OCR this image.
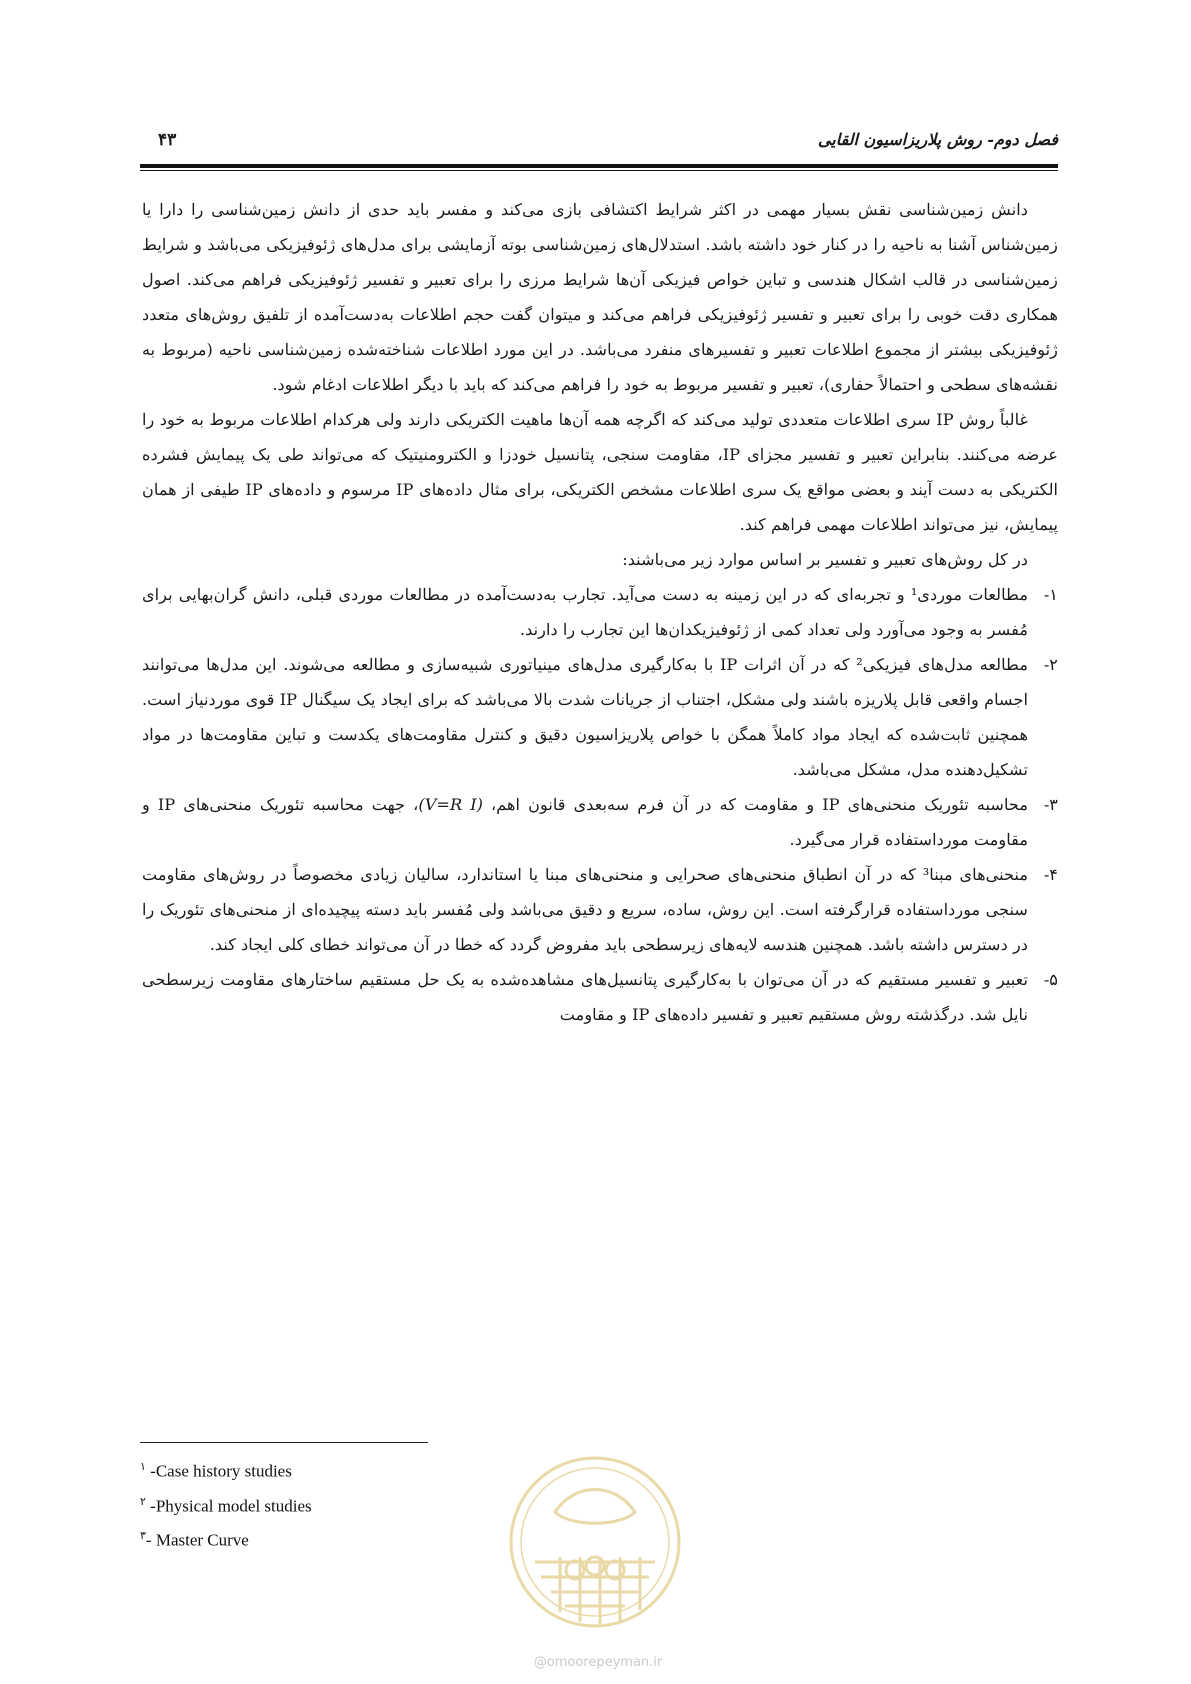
۴۳	فصل دوم- روش پلاریزاسیون القایی

دانش زمین‌شناسی نقش بسیار مهمی در اکثر شرایط اکتشافی بازی می‌کند و مفسر باید حدی از دانش زمین‌شناسی را دارا یا زمین‌شناس آشنا به ناحیه را در کنار خود داشته باشد. استدلال‌های زمین‌شناسی بوته آزمایشی برای مدل‌های ژئوفیزیکی می‌باشد و شرایط زمین‌شناسی در قالب اشکال هندسی و تباین خواص فیزیکی آن‌ها شرایط مرزی را برای تعبیر و تفسیر ژئوفیزیکی فراهم می‌کند. اصول همکاری دقت خوبی را برای تعبیر و تفسیر ژئوفیزیکی فراهم می‌کند و میتوان گفت حجم اطلاعات به‌دست‌آمده از تلفیق روش‌های متعدد ژئوفیزیکی بیشتر از مجموع اطلاعات تعبیر و تفسیرهای منفرد می‌باشد. در این مورد اطلاعات شناخته‌شده زمین‌شناسی ناحیه (مربوط به نقشه‌های سطحی و احتمالاً حفاری)، تعبیر و تفسیر مربوط به خود را فراهم می‌کند که باید با دیگر اطلاعات ادغام شود.

غالباً روش IP سری اطلاعات متعددی تولید می‌کند که اگرچه همه آن‌ها ماهیت الکتریکی دارند ولی هرکدام اطلاعات مربوط به خود را عرضه می‌کنند. بنابراین تعبیر و تفسیر مجزای IP، مقاومت سنجی، پتانسیل خودزا و الکترومنیتیک که می‌تواند طی یک پیمایش فشرده الکتریکی به دست آیند و بعضی مواقع یک سری اطلاعات مشخص الکتریکی، برای مثال داده‌های IP مرسوم و داده‌های IP طیفی از همان پیمایش، نیز می‌تواند اطلاعات مهمی فراهم کند.

در کل روش‌های تعبیر و تفسیر بر اساس موارد زیر می‌باشند:

۱-
مطالعات موردی¹ و تجربه‌ای که در این زمینه به دست می‌آید. تجارب به‌دست‌آمده در مطالعات موردی قبلی، دانش گران‌بهایی برای مُفسر به وجود می‌آورد ولی تعداد کمی از ژئوفیزیکدان‌ها این تجارب را دارند.
۲-
مطالعه مدل‌های فیزیکی² که در آن اثرات IP با به‌کارگیری مدل‌های مینیاتوری شبیه‌سازی و مطالعه می‌شوند. این مدل‌ها می‌توانند اجسام واقعی قابل پلاریزه باشند ولی مشکل، اجتناب از جریانات شدت بالا می‌باشد که برای ایجاد یک سیگنال IP قوی موردنیاز است. همچنین ثابت‌شده که ایجاد مواد کاملاً همگن با خواص پلاریزاسیون دقیق و کنترل مقاومت‌های یکدست و تباین مقاومت‌ها در مواد تشکیل‌دهنده مدل، مشکل می‌باشد.
۳-
محاسبه تئوریک منحنی‌های IP و مقاومت که در آن فرم سه‌بعدی قانون اهم، (V=R I)، جهت محاسبه تئوریک منحنی‌های IP و مقاومت مورداستفاده قرار می‌گیرد.
۴-
منحنی‌های مبنا³ که در آن انطباق منحنی‌های صحرایی و منحنی‌های مبنا یا استاندارد، سالیان زیادی مخصوصاً در روش‌های مقاومت سنجی مورداستفاده قرارگرفته است. این روش، ساده، سریع و دقیق می‌باشد ولی مُفسر باید دسته پیچیده‌ای از منحنی‌های تئوریک را در دسترس داشته باشد. همچنین هندسه لایه‌های زیرسطحی باید مفروض گردد که خطا در آن می‌تواند خطای کلی ایجاد کند.
۵-
تعبیر و تفسیر مستقیم که در آن می‌توان با به‌کارگیری پتانسیل‌های مشاهده‌شده به یک حل مستقیم ساختارهای مقاومت زیرسطحی نایل شد. درگذشته روش مستقیم تعبیر و تفسیر داده‌های IP و مقاومت
$^۱$ -Case history studies
$^۲$ -Physical model studies
$^۳$- Master Curve
@omoorepeyman.ir
